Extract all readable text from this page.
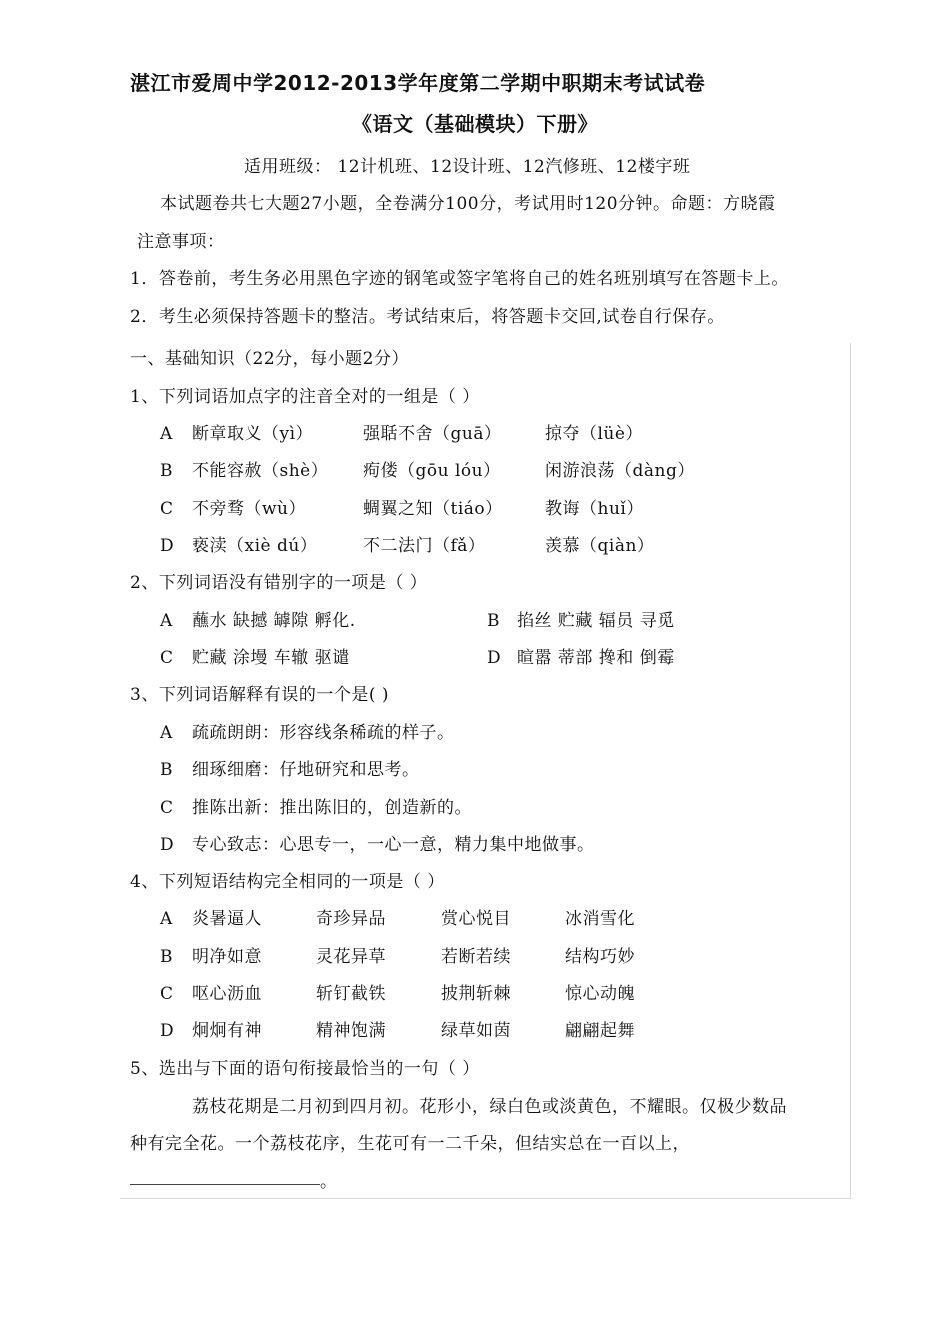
湛江市爱周中学2012-2013学年度第二学期中职期末考试试卷
《语文（基础模块）下册》
适用班级： 12计机班、12设计班、12汽修班、12楼宇班
本试题卷共七大题27小题，全卷满分100分，考试用时120分钟。命题：方晓霞
注意事项：
1．答卷前，考生务必用黑色字迹的钢笔或签字笔将自己的姓名班别填写在答题卡上。
2．考生必须保持答题卡的整洁。考试结束后，将答题卡交回,试卷自行保存。
一、基础知识（22分，每小题2分）
1、下列词语加点字的注音全对的一组是（ ）
A 断章取义（yì）	强聒不舍（guā）	掠夺（lüè）
B 不能容赦（shè） 痀偻（gōu lóu）	闲游浪荡（dàng）
C 不旁骛（wù）	蜩翼之知（tiáo） 教诲（huǐ）
D 亵渎（xiè dú）	不二法门（fǎ）	羡慕（qiàn）
2、下列词语没有错别字的一项是（ ）
A 蘸水 缺撼 罅隙 孵化.	B 掐丝 贮藏 辐员 寻觅
C 贮藏 涂墁 车辙 驱谴	D 暄嚣 蒂部 搀和 倒霉
3、下列词语解释有误的一个是( )
A 疏疏朗朗：形容线条稀疏的样子。
B 细琢细磨：仔地研究和思考。
C 推陈出新：推出陈旧的，创造新的。
D 专心致志：心思专一，一心一意，精力集中地做事。
4、下列短语结构完全相同的一项是（ ）
A 炎暑逼人	奇珍异品	赏心悦目	冰消雪化
B 明净如意	灵花异草	若断若续	结构巧妙
C 呕心沥血	斩钉截铁	披荆斩棘	惊心动魄
D 炯炯有神	精神饱满	绿草如茵	翩翩起舞
5、选出与下面的语句衔接最恰当的一句（ ）
荔枝花期是二月初到四月初。花形小，绿白色或淡黄色，不耀眼。仅极少数品
种有完全花。一个荔枝花序，生花可有一二千朵，但结实总在一百以上，
。
